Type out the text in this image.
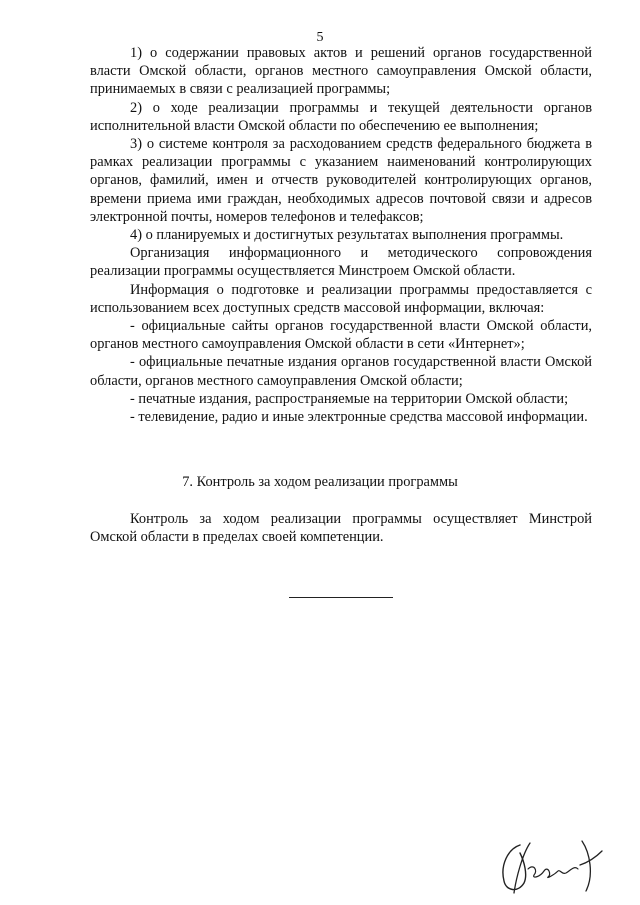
5

1) о содержании правовых актов и решений органов государственной власти Омской области, органов местного самоуправления Омской области, принимаемых в связи с реализацией программы;

2) о ходе реализации программы и текущей деятельности органов исполнительной власти Омской области по обеспечению ее выполнения;

3) о системе контроля за расходованием средств федерального бюджета в рамках реализации программы с указанием наименований контролирующих органов, фамилий, имен и отчеств руководителей контролирующих органов, времени приема ими граждан, необходимых адресов почтовой связи и адресов электронной почты, номеров телефонов и телефаксов;

4) о планируемых и достигнутых результатах выполнения программы.

Организация информационного и методического сопровождения реализации программы осуществляется Минстроем Омской области.

Информация о подготовке и реализации программы предоставляется с использованием всех доступных средств массовой информации, включая:

- официальные сайты органов государственной власти Омской области, органов местного самоуправления Омской области в сети «Интернет»;

- официальные печатные издания органов государственной власти Омской области, органов местного самоуправления Омской области;

- печатные издания, распространяемые на территории Омской области;

- телевидение, радио и иные электронные средства массовой информации.

7. Контроль за ходом реализации программы

Контроль за ходом реализации программы осуществляет Минстрой Омской области в пределах своей компетенции.
